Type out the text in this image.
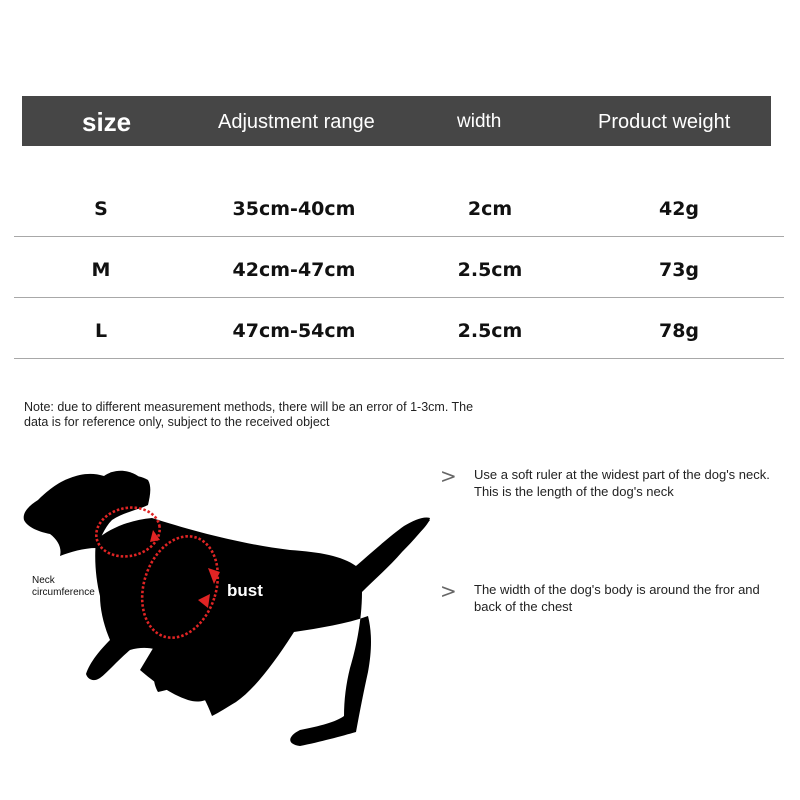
size	Adjustment range	width	Product weight
S	35cm-40cm	2cm	42g
M	42cm-47cm	2.5cm	73g
L	47cm-54cm	2.5cm	78g
Note: due to different measurement methods, there will be an error of 1-3cm. The data is for reference only, subject to the received object
Neck circumference	bust
> Use a soft ruler at the widest part of the dog's neck. This is the length of the dog's neck
> The width of the dog's body is around the fror and back of the chest
